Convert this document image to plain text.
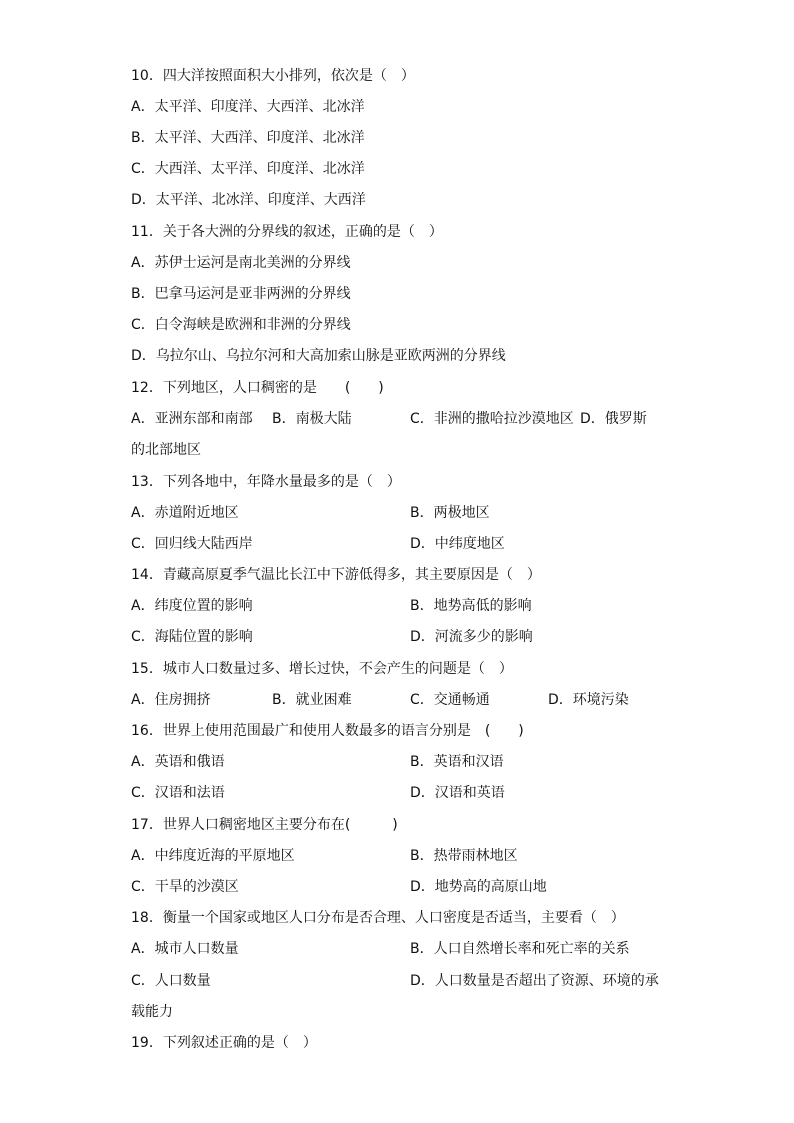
10．四大洋按照面积大小排列，依次是（　）
A．太平洋、印度洋、大西洋、北冰洋
B．太平洋、大西洋、印度洋、北冰洋
C．大西洋、太平洋、印度洋、北冰洋
D．太平洋、北冰洋、印度洋、大西洋
11．关于各大洲的分界线的叙述，正确的是（　）
A．苏伊士运河是南北美洲的分界线
B．巴拿马运河是亚非两洲的分界线
C．白令海峡是欧洲和非洲的分界线
D．乌拉尔山、乌拉尔河和大高加索山脉是亚欧两洲的分界线
12．下列地区，人口稠密的是　　(　　)
A．亚洲东部和南部 B．南极大陆	C．非洲的撒哈拉沙漠地区 D．俄罗斯
的北部地区
13．下列各地中，年降水量最多的是（　）
A．赤道附近地区	B．两极地区
C．回归线大陆西岸	D．中纬度地区
14．青藏高原夏季气温比长江中下游低得多，其主要原因是（　）
A．纬度位置的影响	B．地势高低的影响
C．海陆位置的影响	D．河流多少的影响
15．城市人口数量过多、增长过快，不会产生的问题是（　）
A．住房拥挤	B．就业困难	C．交通畅通	D．环境污染
16．世界上使用范围最广和使用人数最多的语言分别是　(　　)
A．英语和俄语	B．英语和汉语
C．汉语和法语	D．汉语和英语
17．世界人口稠密地区主要分布在(　　　)
A．中纬度近海的平原地区	B．热带雨林地区
C．干旱的沙漠区	D．地势高的高原山地
18．衡量一个国家或地区人口分布是否合理、人口密度是否适当，主要看（　）
A．城市人口数量	B．人口自然增长率和死亡率的关系
C．人口数量	D．人口数量是否超出了资源、环境的承
载能力
19．下列叙述正确的是（　）
